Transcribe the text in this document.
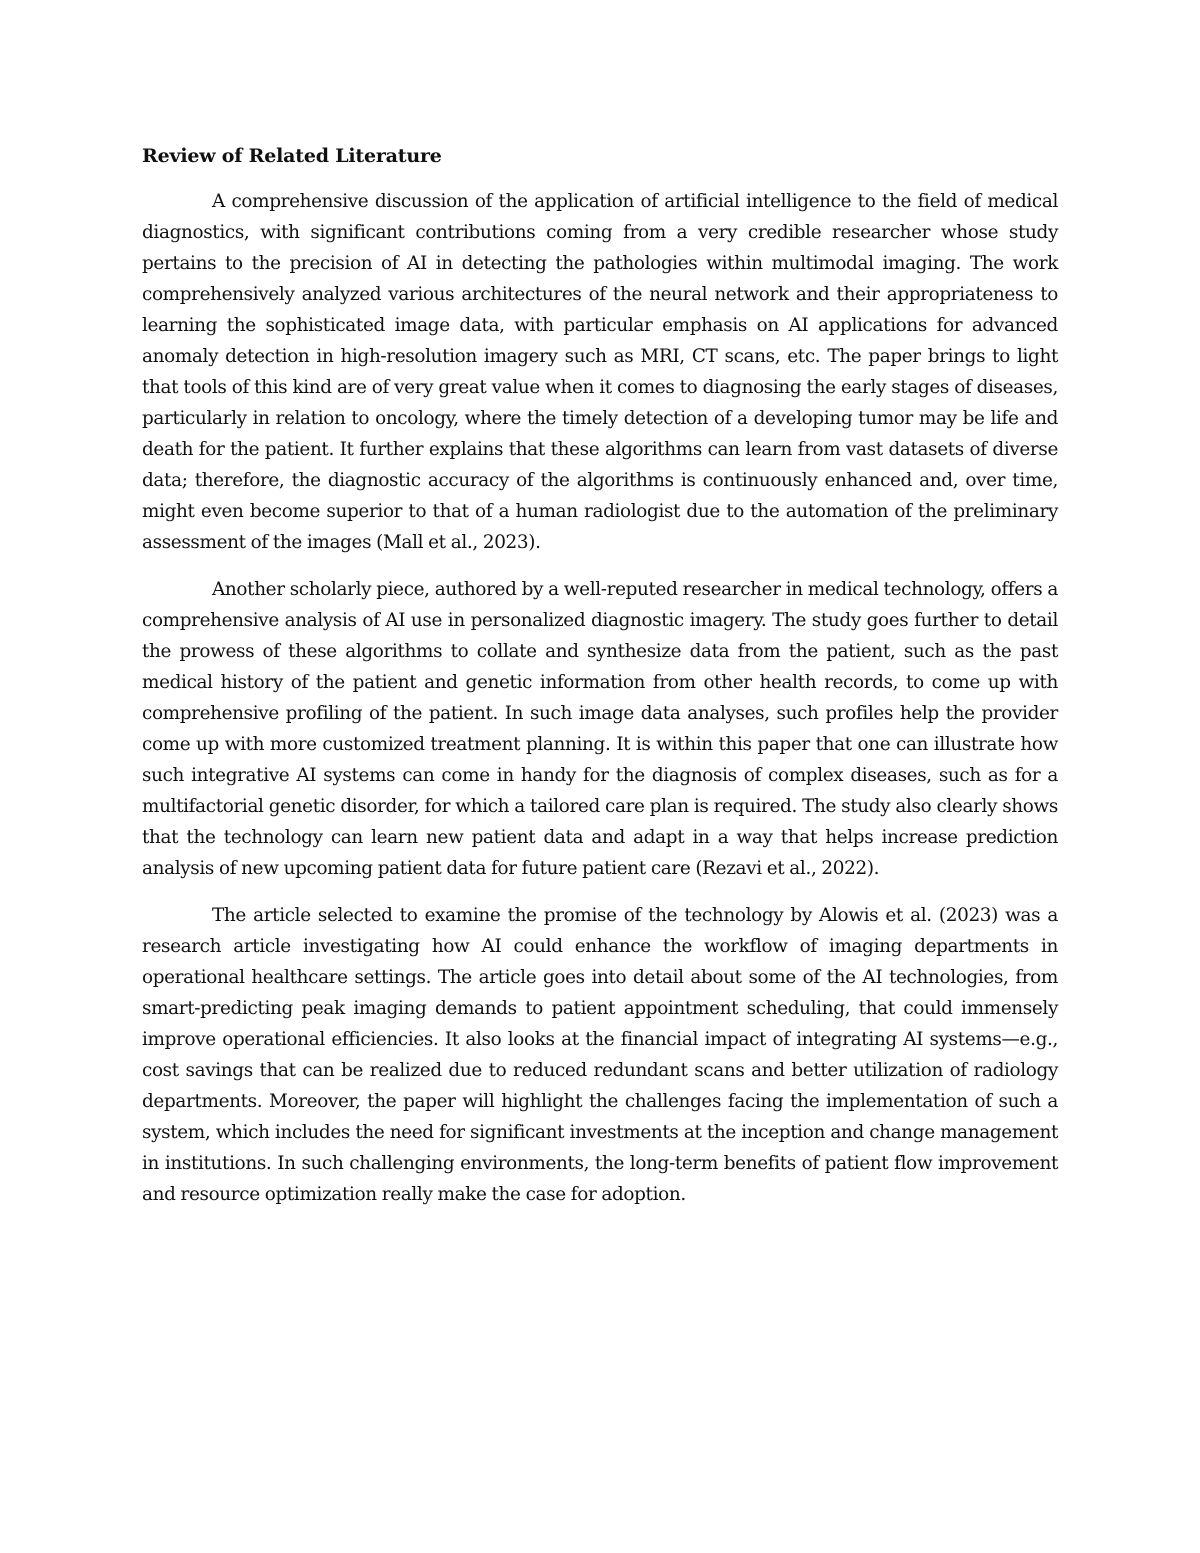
Review of Related Literature

A comprehensive discussion of the application of artificial intelligence to the field of medical diagnostics, with significant contributions coming from a very credible researcher whose study pertains to the precision of AI in detecting the pathologies within multimodal imaging. The work comprehensively analyzed various architectures of the neural network and their appropriateness to learning the sophisticated image data, with particular emphasis on AI applications for advanced anomaly detection in high-resolution imagery such as MRI, CT scans, etc. The paper brings to light that tools of this kind are of very great value when it comes to diagnosing the early stages of diseases, particularly in relation to oncology, where the timely detection of a developing tumor may be life and death for the patient. It further explains that these algorithms can learn from vast datasets of diverse data; therefore, the diagnostic accuracy of the algorithms is continuously enhanced and, over time, might even become superior to that of a human radiologist due to the automation of the preliminary assessment of the images (Mall et al., 2023).

Another scholarly piece, authored by a well-reputed researcher in medical technology, offers a comprehensive analysis of AI use in personalized diagnostic imagery. The study goes further to detail the prowess of these algorithms to collate and synthesize data from the patient, such as the past medical history of the patient and genetic information from other health records, to come up with comprehensive profiling of the patient. In such image data analyses, such profiles help the provider come up with more customized treatment planning. It is within this paper that one can illustrate how such integrative AI systems can come in handy for the diagnosis of complex diseases, such as for a multifactorial genetic disorder, for which a tailored care plan is required. The study also clearly shows that the technology can learn new patient data and adapt in a way that helps increase prediction analysis of new upcoming patient data for future patient care (Rezavi et al., 2022).

The article selected to examine the promise of the technology by Alowis et al. (2023) was a research article investigating how AI could enhance the workflow of imaging departments in operational healthcare settings. The article goes into detail about some of the AI technologies, from smart-predicting peak imaging demands to patient appointment scheduling, that could immensely improve operational efficiencies. It also looks at the financial impact of integrating AI systems—e.g., cost savings that can be realized due to reduced redundant scans and better utilization of radiology departments. Moreover, the paper will highlight the challenges facing the implementation of such a system, which includes the need for significant investments at the inception and change management in institutions. In such challenging environments, the long-term benefits of patient flow improvement and resource optimization really make the case for adoption.
